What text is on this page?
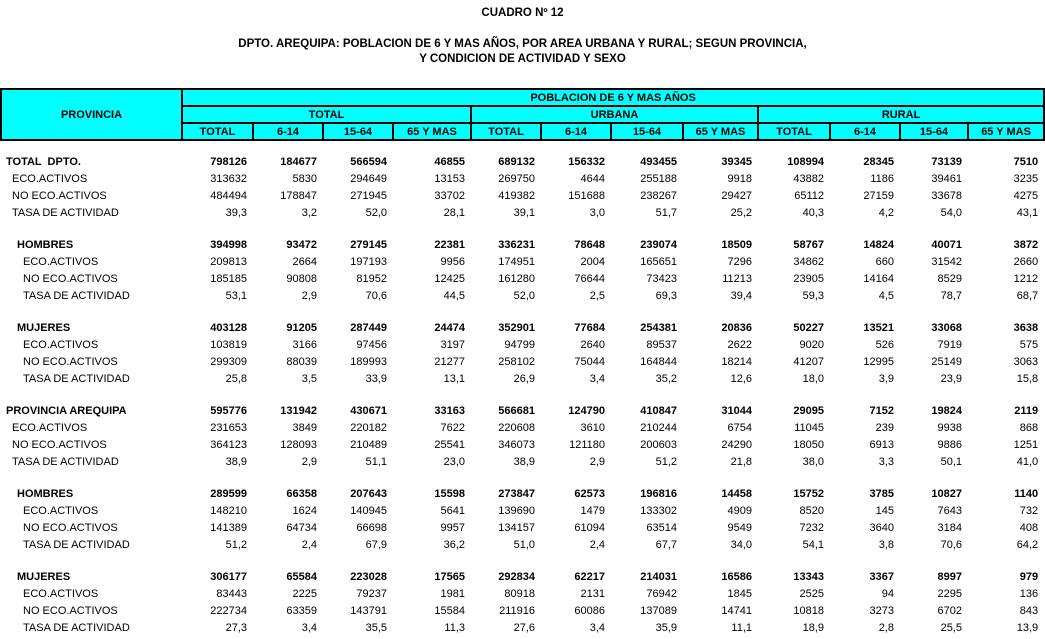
CUADRO Nº 12
DPTO. AREQUIPA: POBLACION DE 6 Y MAS AÑOS, POR AREA URBANA Y RURAL; SEGUN PROVINCIA,
Y CONDICION DE ACTIVIDAD Y SEXO
PROVINCIA	POBLACION DE 6 Y MAS AÑOS											
	TOTAL				URBANA				RURAL			
	TOTAL	6-14	15-64	65 Y MAS	TOTAL	6-14	15-64	65 Y MAS	TOTAL	6-14	15-64	65 Y MAS

TOTAL  DPTO.	798126	184677	566594	46855	689132	156332	493455	39345	108994	28345	73139	7510
ECO.ACTIVOS	313632	5830	294649	13153	269750	4644	255188	9918	43882	1186	39461	3235
NO ECO.ACTIVOS	484494	178847	271945	33702	419382	151688	238267	29427	65112	27159	33678	4275
TASA DE ACTIVIDAD	39,3	3,2	52,0	28,1	39,1	3,0	51,7	25,2	40,3	4,2	54,0	43,1

HOMBRES	394998	93472	279145	22381	336231	78648	239074	18509	58767	14824	40071	3872
ECO.ACTIVOS	209813	2664	197193	9956	174951	2004	165651	7296	34862	660	31542	2660
NO ECO.ACTIVOS	185185	90808	81952	12425	161280	76644	73423	11213	23905	14164	8529	1212
TASA DE ACTIVIDAD	53,1	2,9	70,6	44,5	52,0	2,5	69,3	39,4	59,3	4,5	78,7	68,7

MUJERES	403128	91205	287449	24474	352901	77684	254381	20836	50227	13521	33068	3638
ECO.ACTIVOS	103819	3166	97456	3197	94799	2640	89537	2622	9020	526	7919	575
NO ECO.ACTIVOS	299309	88039	189993	21277	258102	75044	164844	18214	41207	12995	25149	3063
TASA DE ACTIVIDAD	25,8	3,5	33,9	13,1	26,9	3,4	35,2	12,6	18,0	3,9	23,9	15,8

PROVINCIA AREQUIPA	595776	131942	430671	33163	566681	124790	410847	31044	29095	7152	19824	2119
ECO.ACTIVOS	231653	3849	220182	7622	220608	3610	210244	6754	11045	239	9938	868
NO ECO.ACTIVOS	364123	128093	210489	25541	346073	121180	200603	24290	18050	6913	9886	1251
TASA DE ACTIVIDAD	38,9	2,9	51,1	23,0	38,9	2,9	51,2	21,8	38,0	3,3	50,1	41,0

HOMBRES	289599	66358	207643	15598	273847	62573	196816	14458	15752	3785	10827	1140
ECO.ACTIVOS	148210	1624	140945	5641	139690	1479	133302	4909	8520	145	7643	732
NO ECO.ACTIVOS	141389	64734	66698	9957	134157	61094	63514	9549	7232	3640	3184	408
TASA DE ACTIVIDAD	51,2	2,4	67,9	36,2	51,0	2,4	67,7	34,0	54,1	3,8	70,6	64,2

MUJERES	306177	65584	223028	17565	292834	62217	214031	16586	13343	3367	8997	979
ECO.ACTIVOS	83443	2225	79237	1981	80918	2131	76942	1845	2525	94	2295	136
NO ECO.ACTIVOS	222734	63359	143791	15584	211916	60086	137089	14741	10818	3273	6702	843
TASA DE ACTIVIDAD	27,3	3,4	35,5	11,3	27,6	3,4	35,9	11,1	18,9	2,8	25,5	13,9
